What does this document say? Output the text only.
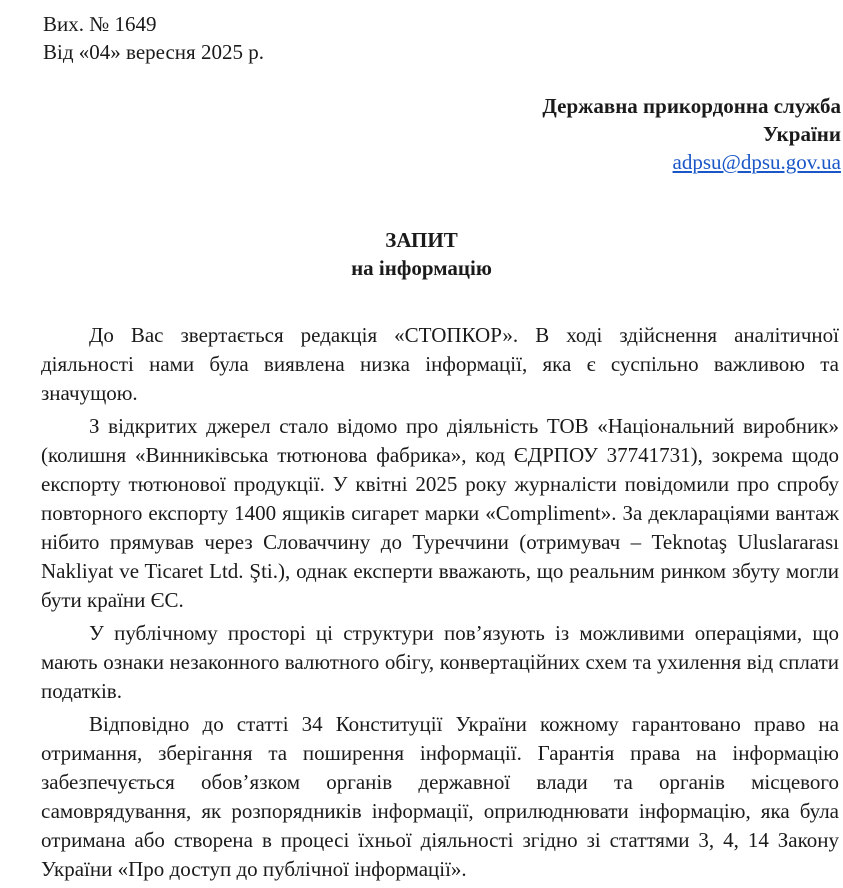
Вих. № 1649
Від «04» вересня 2025 р.
Державна прикордонна служба
України
adpsu@dpsu.gov.ua
ЗАПИТ
на інформацію

До Вас звертається редакція «СТОПКОР». В ході здійснення аналітичної діяльності нами була виявлена низка інформації, яка є суспільно важливою та значущою.

З відкритих джерел стало відомо про діяльність ТОВ «Національний виробник» (колишня «Винниківська тютюнова фабрика», код ЄДРПОУ 37741731), зокрема щодо експорту тютюнової продукції. У квітні 2025 року журналісти повідомили про спробу повторного експорту 1400 ящиків сигарет марки «Compliment». За деклараціями вантаж нібито прямував через Словаччину до Туреччини (отримувач – Teknotaş Uluslararası Nakliyat ve Ticaret Ltd. Şti.), однак експерти вважають, що реальним ринком збуту могли бути країни ЄС.

У публічному просторі ці структури пов’язують із можливими операціями, що мають ознаки незаконного валютного обігу, конвертаційних схем та ухилення від сплати податків.

Відповідно до статті 34 Конституції України кожному гарантовано право на отримання, зберігання та поширення інформації. Гарантія права на інформацію забезпечується обов’язком органів державної влади та органів місцевого самоврядування, як розпорядників інформації, оприлюднювати інформацію, яка була отримана або створена в процесі їхньої діяльності згідно зі статтями 3, 4, 14 Закону України «Про доступ до публічної інформації».
